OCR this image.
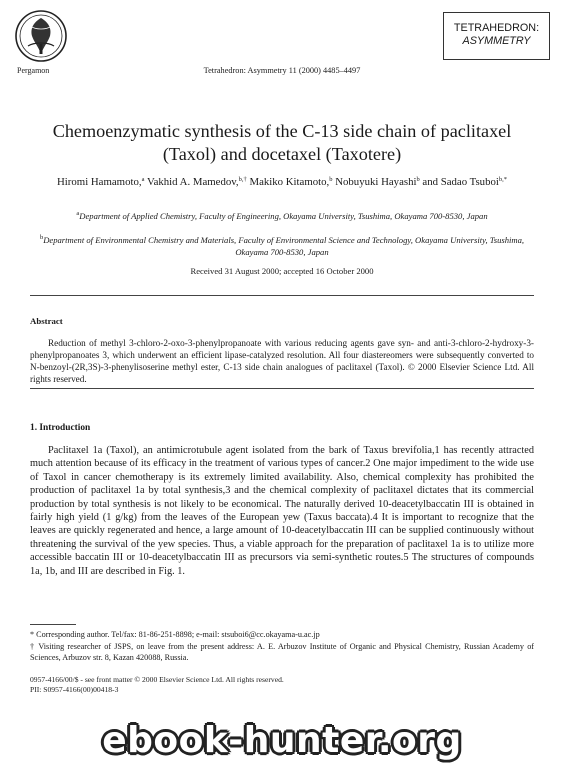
Pergamon	Tetrahedron: Asymmetry 11 (2000) 4485–4497
TETRAHEDRON:
ASYMMETRY
Chemoenzymatic synthesis of the C-13 side chain of paclitaxel (Taxol) and docetaxel (Taxotere)
Hiromi Hamamoto,$^a$ Vakhid A. Mamedov,$^{b,\dagger}$ Makiko Kitamoto,$^b$ Nobuyuki Hayashi$^b$ and Sadao Tsuboi$^{b,*}$
$^a$Department of Applied Chemistry, Faculty of Engineering, Okayama University, Tsushima, Okayama 700-8530, Japan
$^b$Department of Environmental Chemistry and Materials, Faculty of Environmental Science and Technology, Okayama University, Tsushima, Okayama 700-8530, Japan
Received 31 August 2000; accepted 16 October 2000
Abstract

Reduction of methyl 3-chloro-2-oxo-3-phenylpropanoate with various reducing agents gave syn- and anti-3-chloro-2-hydroxy-3-phenylpropanoates 3, which underwent an efficient lipase-catalyzed resolution. All four diastereomers were subsequently converted to N-benzoyl-(2R,3S)-3-phenylisoserine methyl ester, C-13 side chain analogues of paclitaxel (Taxol). © 2000 Elsevier Science Ltd. All rights reserved.

1. Introduction

Paclitaxel 1a (Taxol), an antimicrotubule agent isolated from the bark of Taxus brevifolia,1 has recently attracted much attention because of its efficacy in the treatment of various types of cancer.2 One major impediment to the wide use of Taxol in cancer chemotherapy is its extremely limited availability. Also, chemical complexity has prohibited the production of paclitaxel 1a by total synthesis,3 and the chemical complexity of paclitaxel dictates that its commercial production by total synthesis is not likely to be economical. The naturally derived 10-deacetylbaccatin III is obtained in fairly high yield (1 g/kg) from the leaves of the European yew (Taxus baccata).4 It is important to recognize that the leaves are quickly regenerated and hence, a large amount of 10-deacetylbaccatin III can be supplied continuously without threatening the survival of the yew species. Thus, a viable approach for the preparation of paclitaxel 1a is to utilize more accessible baccatin III or 10-deacetylbaccatin III as precursors via semi-synthetic routes.5 The structures of compounds 1a, 1b, and III are described in Fig. 1.

* Corresponding author. Tel/fax: 81-86-251-8898; e-mail: stsuboi6@cc.okayama-u.ac.jp
† Visiting researcher of JSPS, on leave from the present address: A. E. Arbuzov Institute of Organic and Physical Chemistry, Russian Academy of Sciences, Arbuzov str. 8, Kazan 420088, Russia.
0957-4166/00/$ - see front matter © 2000 Elsevier Science Ltd. All rights reserved.
PII: S0957-4166(00)00418-3
ebook-hunter.org
